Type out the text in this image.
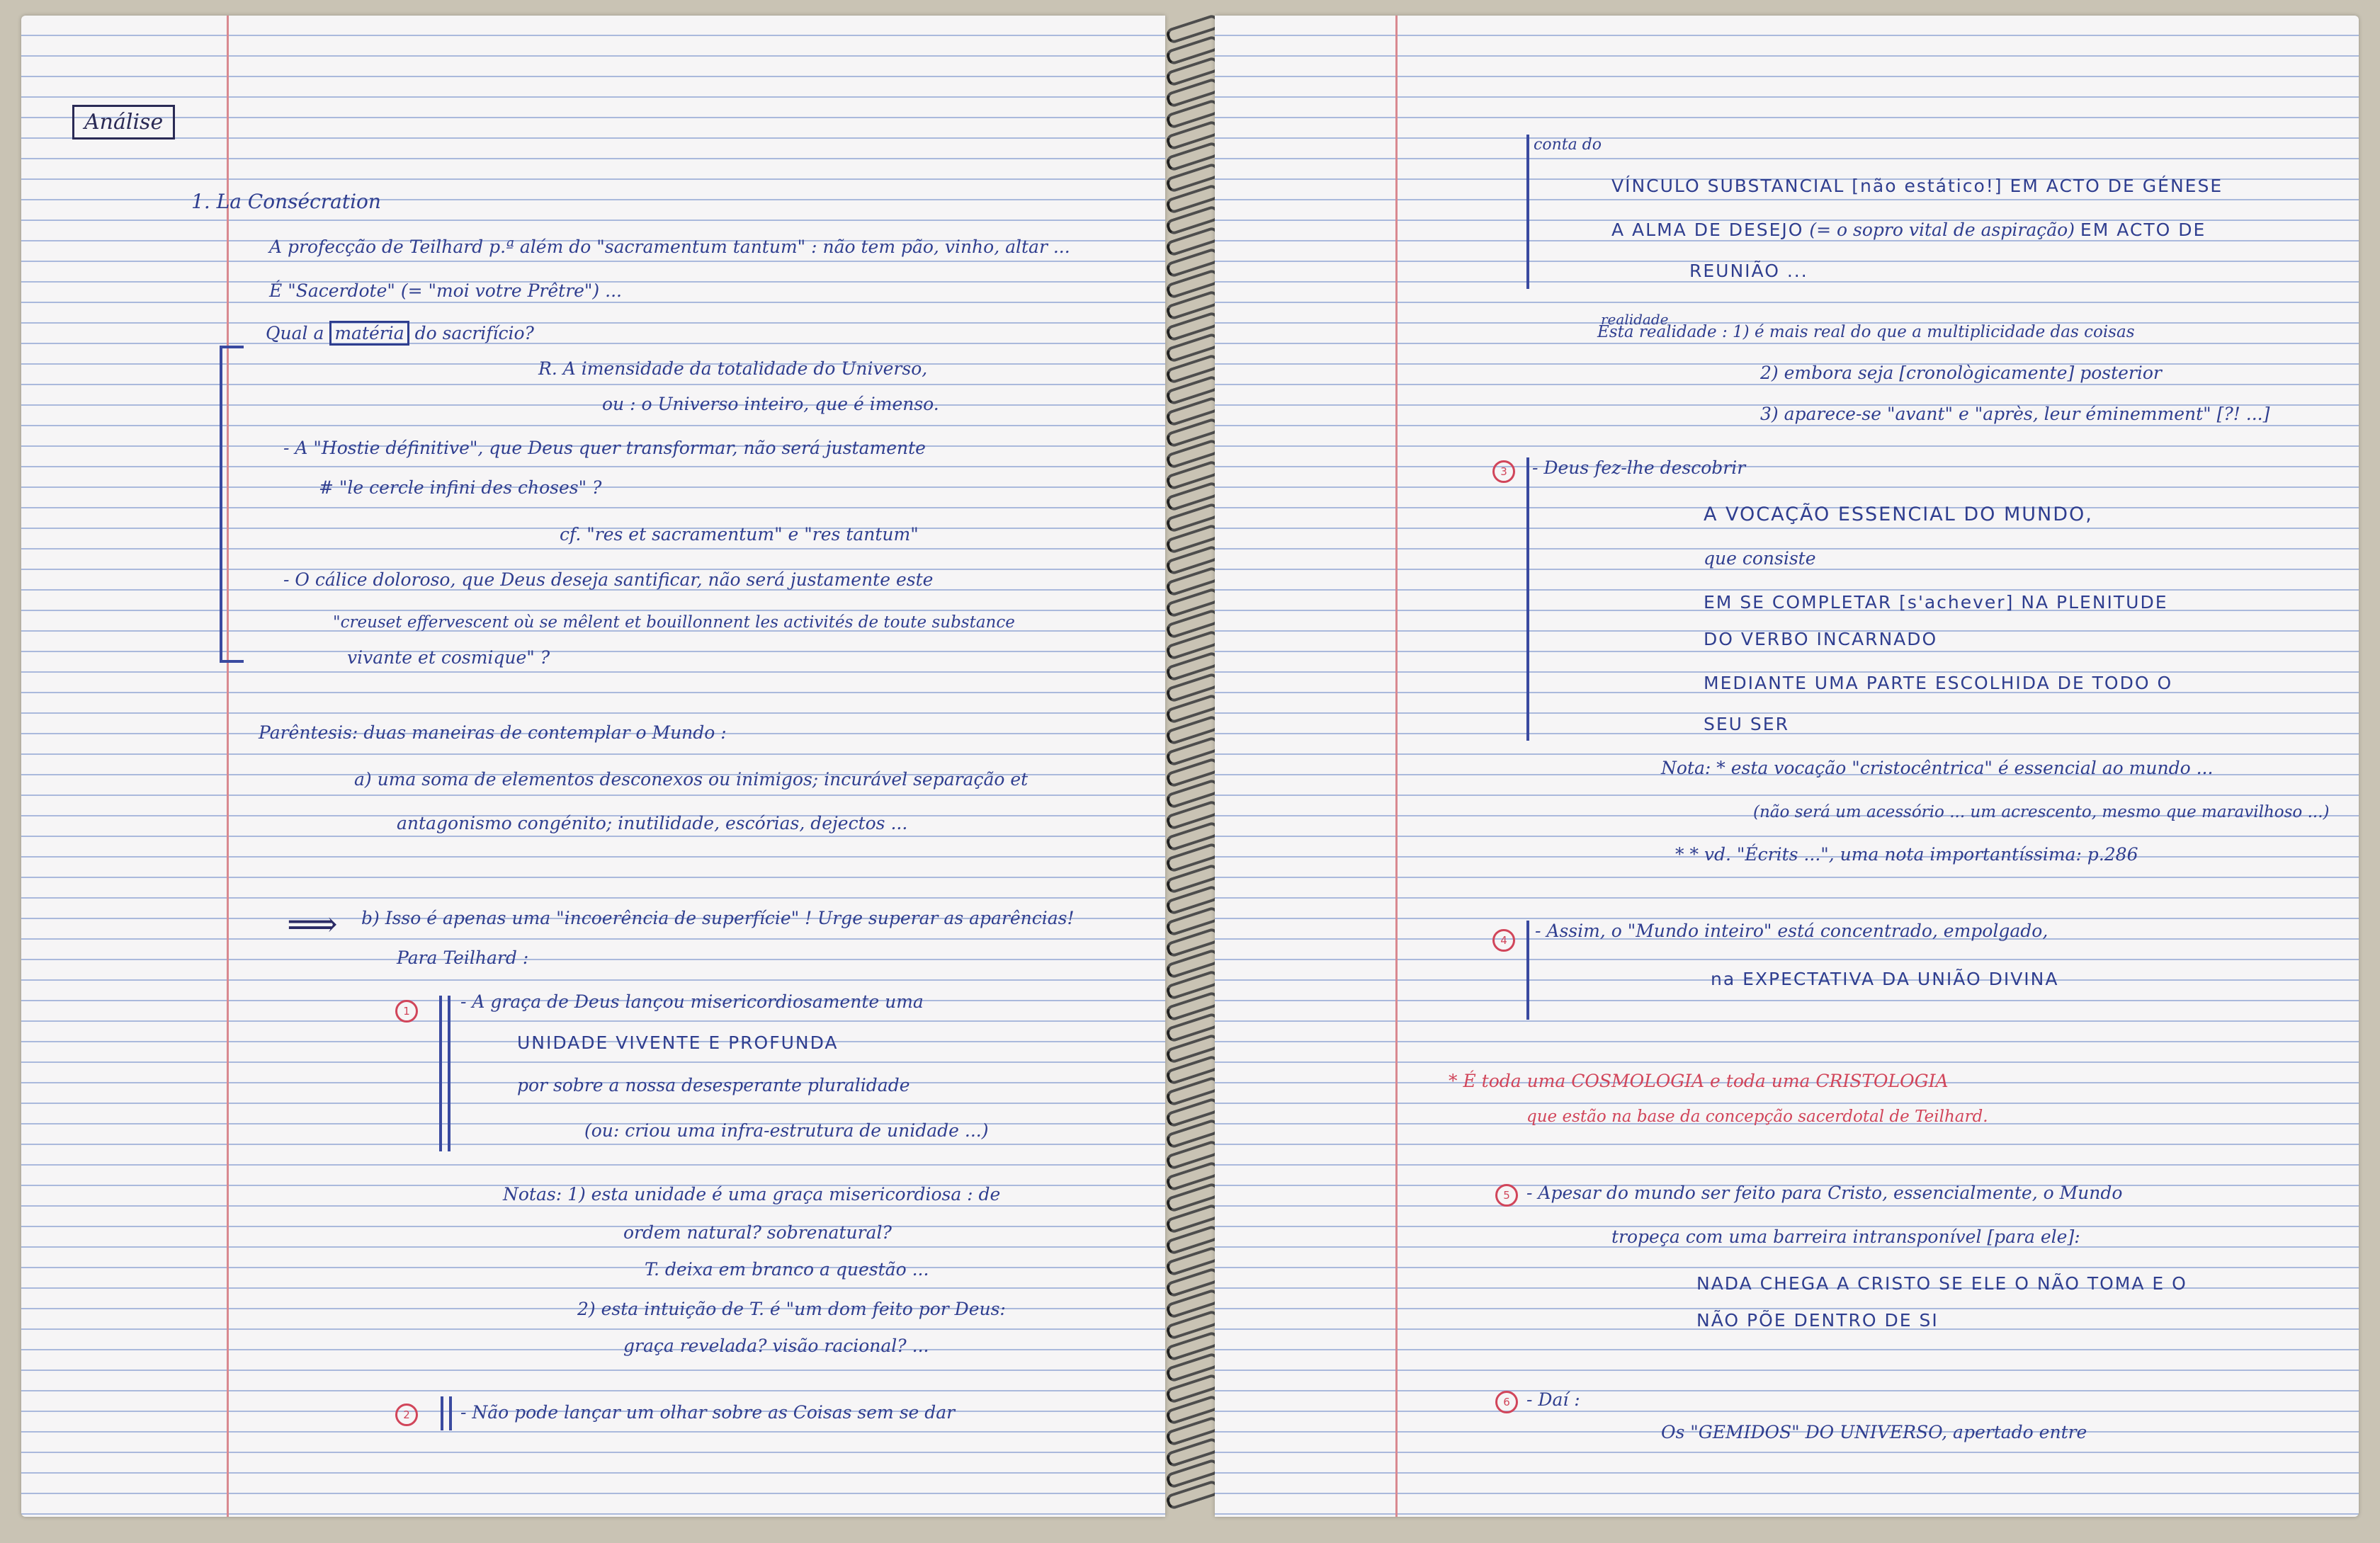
Análise
1. La Consécration
A profecção de Teilhard p.ª além do "sacramentum tantum" : não tem pão, vinho, altar ...
É "Sacerdote" (= "moi votre Prêtre") ...
Qual a matéria do sacrifício?
R. A imensidade da totalidade do Universo,
ou : o Universo inteiro, que é imenso.
- A "Hostie définitive", que Deus quer transformar, não será justamente
# "le cercle infini des choses" ?
cf. "res et sacramentum" e "res tantum"
- O cálice doloroso, que Deus deseja santificar, não será justamente este
"creuset effervescent où se mêlent et bouillonnent les activités de toute substance
vivante et cosmique" ?
Parêntesis: duas maneiras de contemplar o Mundo :
a) uma soma de elementos desconexos ou inimigos; incurável separação et
antagonismo congénito; inutilidade, escórias, dejectos ...
⟹ b) Isso é apenas uma "incoerência de superfície" ! Urge superar as aparências!
Para Teilhard :
1	- A graça de Deus lançou misericordiosamente uma
UNIDADE VIVENTE E PROFUNDA
por sobre a nossa desesperante pluralidade
(ou: criou uma infra-estrutura de unidade ...)
Notas: 1) esta unidade é uma graça misericordiosa : de
ordem natural? sobrenatural?
T. deixa em branco a questão ...
2) esta intuição de T. é "um dom feito por Deus:
graça revelada? visão racional? ...
2	- Não pode lançar um olhar sobre as Coisas sem se dar
conta do
VÍNCULO SUBSTANCIAL [não estático!] EM ACTO DE GÉNESE
A ALMA DE DESEJO (= o sopro vital de aspiração) EM ACTO DE
REUNIÃO ...
realidade
Esta realidade : 1) é mais real do que a multiplicidade das coisas
2) embora seja [cronològicamente] posterior
3) aparece-se "avant" e "après, leur éminemment" [?! ...]
3	- Deus fez-lhe descobrir
A VOCAÇÃO ESSENCIAL DO MUNDO,
que consiste
EM SE COMPLETAR [s'achever] NA PLENITUDE
DO VERBO INCARNADO
MEDIANTE UMA PARTE ESCOLHIDA DE TODO O
SEU SER
Nota: * esta vocação "cristocêntrica" é essencial ao mundo ...
(não será um acessório ... um acrescento, mesmo que maravilhoso ...)
* * vd. "Écrits ...", uma nota importantíssima: p.286
4	- Assim, o "Mundo inteiro" está concentrado, empolgado,
na EXPECTATIVA DA UNIÃO DIVINA
* É toda uma COSMOLOGIA e toda uma CRISTOLOGIA
que estão na base da concepção sacerdotal de Teilhard.
5 - Apesar do mundo ser feito para Cristo, essencialmente, o Mundo
tropeça com uma barreira intransponível [para ele]:
NADA CHEGA A CRISTO SE ELE O NÃO TOMA E O
NÃO PÕE DENTRO DE SI
6 - Daí :
Os "GEMIDOS" DO UNIVERSO, apertado entre
